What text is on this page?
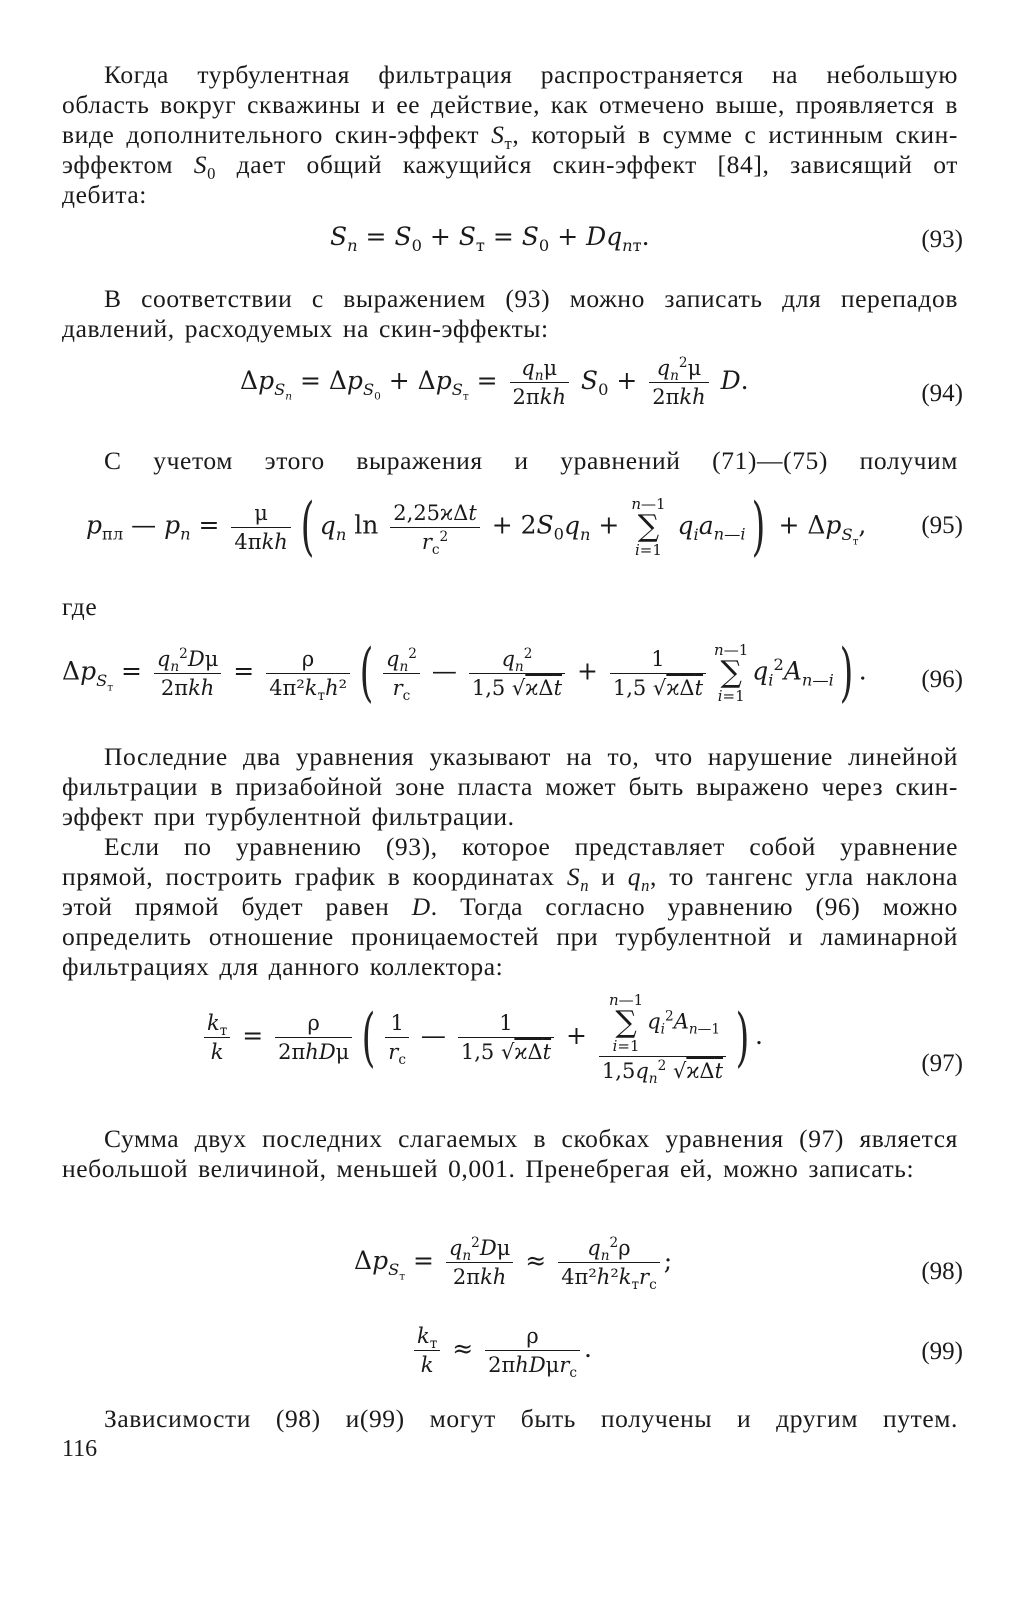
Когда турбулентная фильтрация распространяется на небольшую область вокруг скважины и ее действие, как отмечено выше, проявляется в виде дополнительного скин-эффект $S_т$, который в сумме с истинным скин-эффектом $S_0$ дает общий кажущийся скин-эффект [84], зависящий от дебита:
$S_n = S_0 + S_т = S_0 + Dq_{nт}$.	(93)
В соответствии с выражением (93) можно записать для перепадов давлений, расходуемых на скин-эффекты:
$\Delta p_{S_n} = \Delta p_{S_0} + \Delta p_{S_т} = \frac{q_n\mu}{\text{2πkh}} S_0 + \frac{q_n^2\mu}{\text{2πkh}} D$.	(94)
С учетом этого выражения и уравнений (71)—(75) получим
$p_{пл}$ — $p_n = \frac{\mu}{\text{4πkh}}$ ( $q_n$ $\ln \frac{\text{2,25ϰΔt}}{r_c^2} + 2S_0q_n$ + n—1
∑
i=1 $q_ia_{n—i}) + \Delta p_{S_т}$, (95)
где
$\Delta p_{S_т} = \frac{q_n^2D\mu}{\text{2πkh}} = \frac{\rho}{4\pi^2k_тh^2}$ ( $\frac{q_n^2}{r_c}$ — $\frac{q_n^2}{\text{1,5 √ϰΔt}} + \frac{1}{\text{1,5 √ϰΔt}}$ n—1
∑
$i=1q_i^2A_{n—i}$) . (96)
Последние два уравнения указывают на то, что нарушение линейной фильтрации в призабойной зоне пласта может быть выражено через скин-эффект при турбулентной фильтрации.
Если по уравнению (93), которое представляет собой уравнение прямой, построить график в координатах $S_n$ и $q_n$, то тангенс угла наклона этой прямой будет равен D. Тогда согласно уравнению (96) можно определить отношение проницаемостей при турбулентной и ламинарной фильтрациях для данного коллектора:
$\frac{k_т}{k} = \frac{\rho}{\text{2πhDμ}}$ ( $\frac{1}{r_c}$ — $\frac{1}{\text{1,5 √ϰΔt}}$ + n—1
∑
$i=1q_i^2A_{n—1}$
$1,5q_n^2$ √ϰΔt ) .
(97)
Сумма двух последних слагаемых в скобках уравнения (97) является небольшой величиной, меньшей 0,001. Пренебрегая ей, можно записать:
$\Delta p_{S_т} = \frac{q_n^2D\mu}{\text{2πkh}} \approx \frac{q_n^2\rho}{4\pi^2h^2k_тr_c}$ ;	(98)
$\frac{k_т}{k} \approx \frac{\rho}{2\pi hD\mu r_c}$ .	(99)
Зависимости (98) и(99) могут быть получены и другим путем.
116
